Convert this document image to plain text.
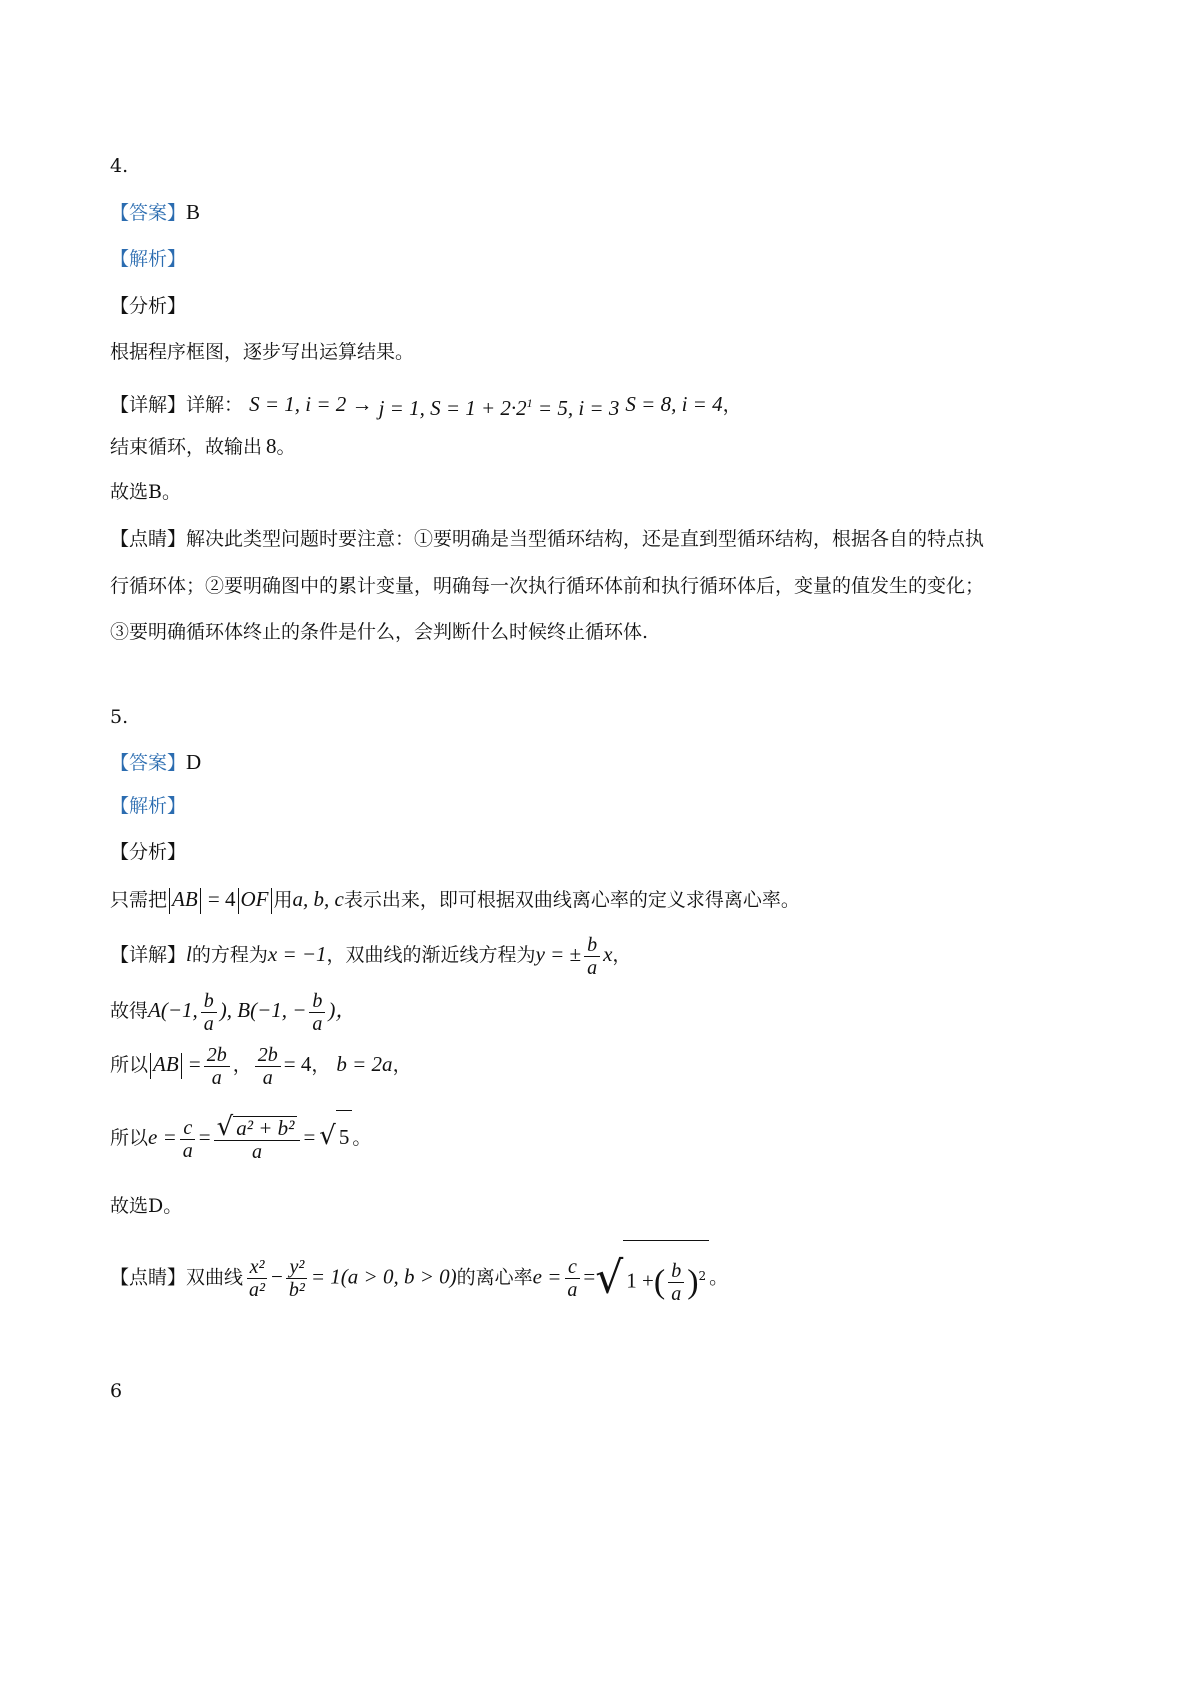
4.
【答案】B
【解析】
【分析】
根据程序框图，逐步写出运算结果。
【详解】详解： S = 1, i = 2 → j = 1, $S = 1 + 2\cdot 2^1 = 5$, i = 3 S = 8, i = 4，
结束循环，故输出 8。
故选B。
【点睛】解决此类型问题时要注意：①要明确是当型循环结构，还是直到型循环结构，根据各自的特点执
行循环体；②要明确图中的累计变量，明确每一次执行循环体前和执行循环体后，变量的值发生的变化；
③要明确循环体终止的条件是什么，会判断什么时候终止循环体.
5.
【答案】D
【解析】
【分析】
只需把 AB = 4 OF 用a, b, c表示出来，即可根据双曲线离心率的定义求得离心率。
【详解】l的方程为x = −1，双曲线的渐近线方程为y = ± $\frac{b}{a}$ x，
故得A(−1, $\frac{b}{a}$ ), B(−1, − $\frac{b}{a}$ )，
所以 AB = $\frac{2b}{a}$ ， $\frac{2b}{a} = 4$， b = 2a，
所以$e = \frac{c}{a} = \frac{\text{√ a² + b²}}{a}$ = √ 5 。
故选D。
【点睛】双曲线 $\frac{\text{x²}}{\text{a²}} - \frac{\text{y²}}{\text{b²}} = 1(a > 0$, b > 0)的离心率$e = \frac{c}{a}$ =√ 1 +( $\frac{b}{a} )^2$ 。
6
